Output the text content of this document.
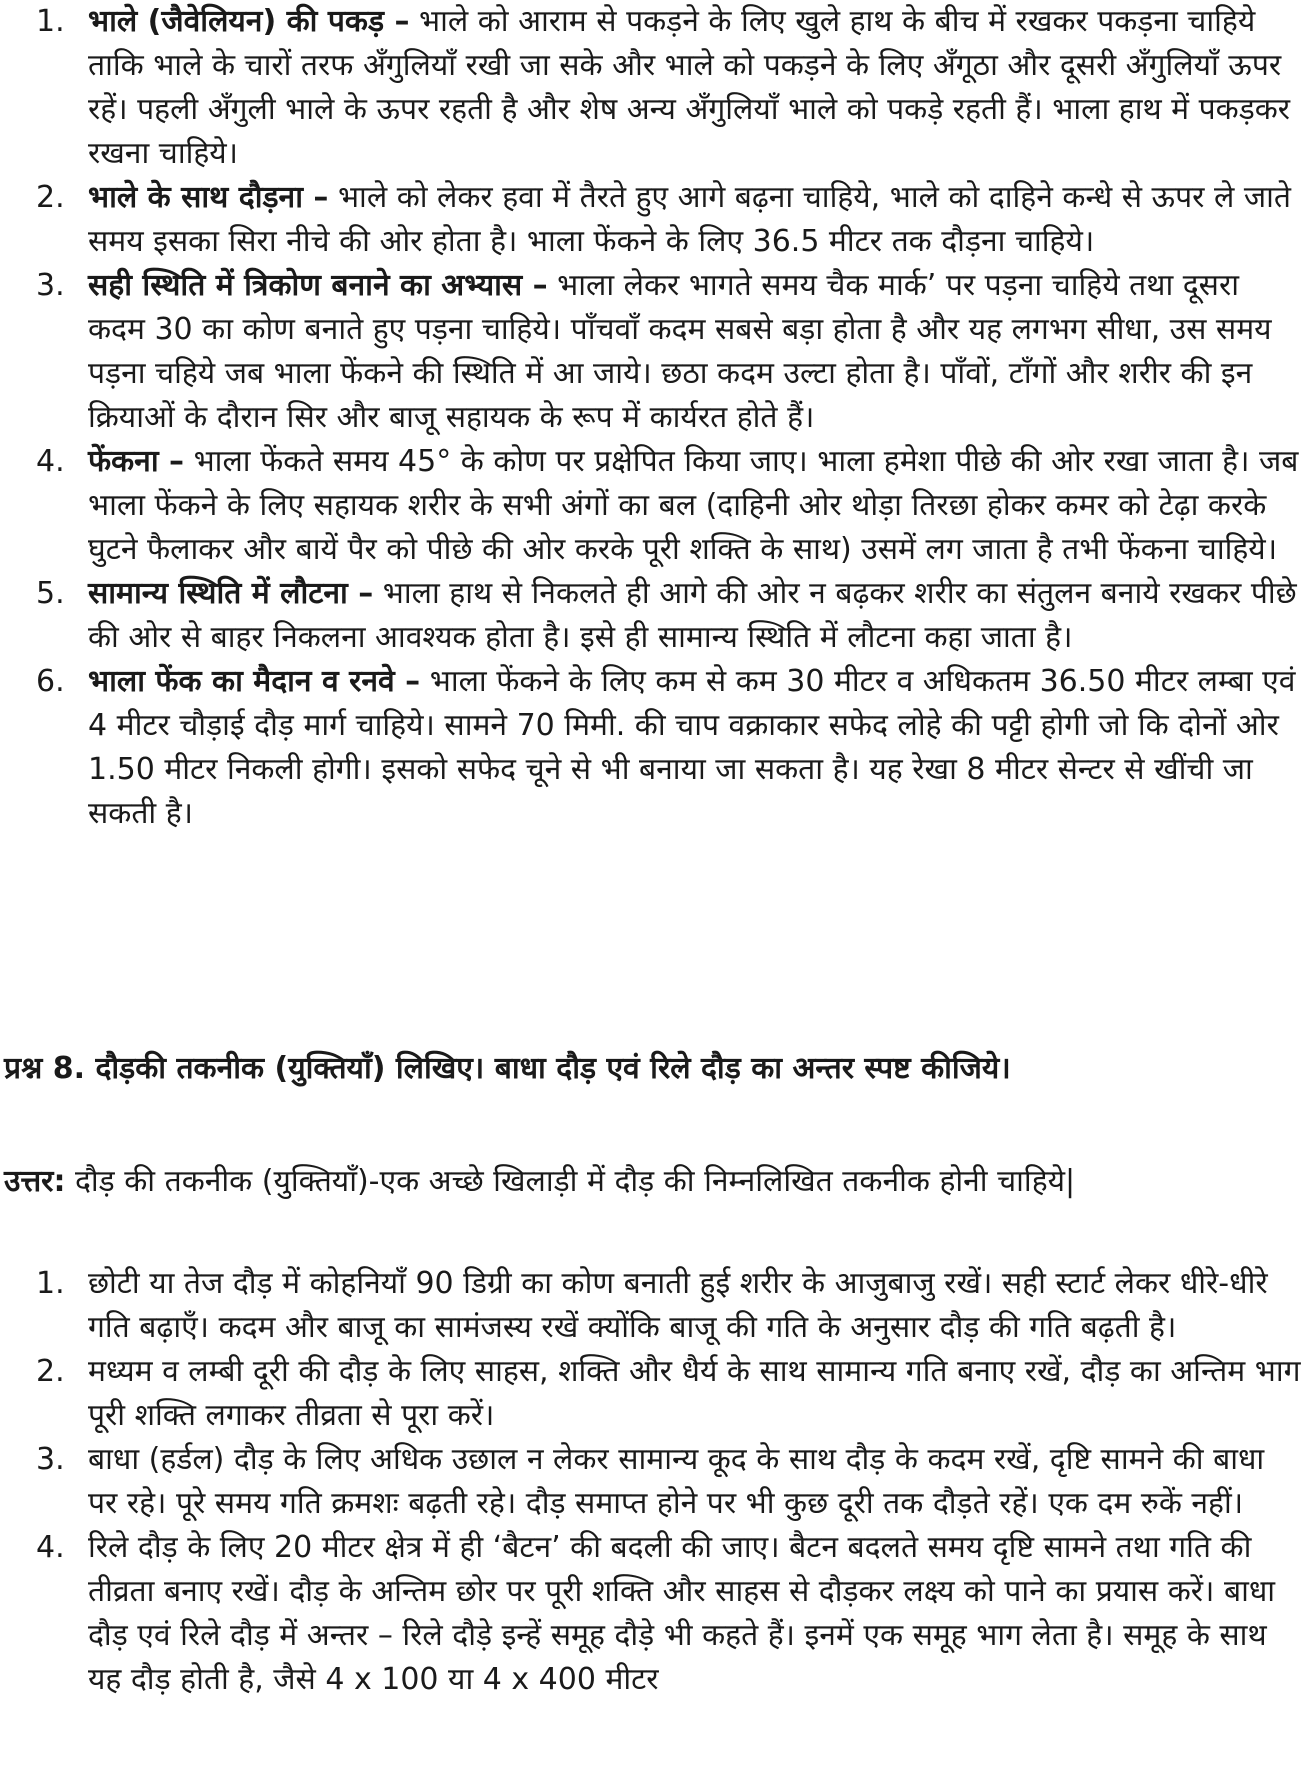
1. भाले (जैवेलियन) की पकड़ – भाले को आराम से पकड़ने के लिए खुले हाथ के बीच में रखकर पकड़ना चाहिये ताकि भाले के चारों तरफ अँगुलियाँ रखी जा सके और भाले को पकड़ने के लिए अँगूठा और दूसरी अँगुलियाँ ऊपर रहें। पहली अँगुली भाले के ऊपर रहती है और शेष अन्य अँगुलियाँ भाले को पकड़े रहती हैं। भाला हाथ में पकड़कर रखना चाहिये।
2. भाले के साथ दौड़ना – भाले को लेकर हवा में तैरते हुए आगे बढ़ना चाहिये, भाले को दाहिने कन्धे से ऊपर ले जाते समय इसका सिरा नीचे की ओर होता है। भाला फेंकने के लिए 36.5 मीटर तक दौड़ना चाहिये।
3. सही स्थिति में त्रिकोण बनाने का अभ्यास – भाला लेकर भागते समय चैक मार्क’ पर पड़ना चाहिये तथा दूसरा कदम 30 का कोण बनाते हुए पड़ना चाहिये। पाँचवाँ कदम सबसे बड़ा होता है और यह लगभग सीधा, उस समय पड़ना चहिये जब भाला फेंकने की स्थिति में आ जाये। छठा कदम उल्टा होता है। पाँवों, टाँगों और शरीर की इन क्रियाओं के दौरान सिर और बाजू सहायक के रूप में कार्यरत होते हैं।
4. फेंकना – भाला फेंकते समय 45° के कोण पर प्रक्षेपित किया जाए। भाला हमेशा पीछे की ओर रखा जाता है। जब भाला फेंकने के लिए सहायक शरीर के सभी अंगों का बल (दाहिनी ओर थोड़ा तिरछा होकर कमर को टेढ़ा करके घुटने फैलाकर और बायें पैर को पीछे की ओर करके पूरी शक्ति के साथ) उसमें लग जाता है तभी फेंकना चाहिये।
5. सामान्य स्थिति में लौटना – भाला हाथ से निकलते ही आगे की ओर न बढ़कर शरीर का संतुलन बनाये रखकर पीछे की ओर से बाहर निकलना आवश्यक होता है। इसे ही सामान्य स्थिति में लौटना कहा जाता है।
6. भाला फेंक का मैदान व रनवे – भाला फेंकने के लिए कम से कम 30 मीटर व अधिकतम 36.50 मीटर लम्बा एवं 4 मीटर चौड़ाई दौड़ मार्ग चाहिये। सामने 70 मिमी. की चाप वक्राकार सफेद लोहे की पट्टी होगी जो कि दोनों ओर 1.50 मीटर निकली होगी। इसको सफेद चूने से भी बनाया जा सकता है। यह रेखा 8 मीटर सेन्टर से खींची जा सकती है।
प्रश्न 8. दौड़की तकनीक (युक्तियाँ) लिखिए। बाधा दौड़ एवं रिले दौड़ का अन्तर स्पष्ट कीजिये।
उत्तर: दौड़ की तकनीक (युक्तियाँ)-एक अच्छे खिलाड़ी में दौड़ की निम्नलिखित तकनीक होनी चाहिये|
1. छोटी या तेज दौड़ में कोहनियाँ 90 डिग्री का कोण बनाती हुई शरीर के आजुबाजु रखें। सही स्टार्ट लेकर धीरे-धीरे गति बढ़ाएँ। कदम और बाजू का सामंजस्य रखें क्योंकि बाजू की गति के अनुसार दौड़ की गति बढ़ती है।
2. मध्यम व लम्बी दूरी की दौड़ के लिए साहस, शक्ति और धैर्य के साथ सामान्य गति बनाए रखें, दौड़ का अन्तिम भाग पूरी शक्ति लगाकर तीव्रता से पूरा करें।
3. बाधा (हर्डल) दौड़ के लिए अधिक उछाल न लेकर सामान्य कूद के साथ दौड़ के कदम रखें, दृष्टि सामने की बाधा पर रहे। पूरे समय गति क्रमशः बढ़ती रहे। दौड़ समाप्त होने पर भी कुछ दूरी तक दौड़ते रहें। एक दम रुकें नहीं।
4. रिले दौड़ के लिए 20 मीटर क्षेत्र में ही ‘बैटन’ की बदली की जाए। बैटन बदलते समय दृष्टि सामने तथा गति की तीव्रता बनाए रखें। दौड़ के अन्तिम छोर पर पूरी शक्ति और साहस से दौड़कर लक्ष्य को पाने का प्रयास करें। बाधा दौड़ एवं रिले दौड़ में अन्तर – रिले दौड़े इन्हें समूह दौड़े भी कहते हैं। इनमें एक समूह भाग लेता है। समूह के साथ यह दौड़ होती है, जैसे 4 x 100 या 4 x 400 मीटर
